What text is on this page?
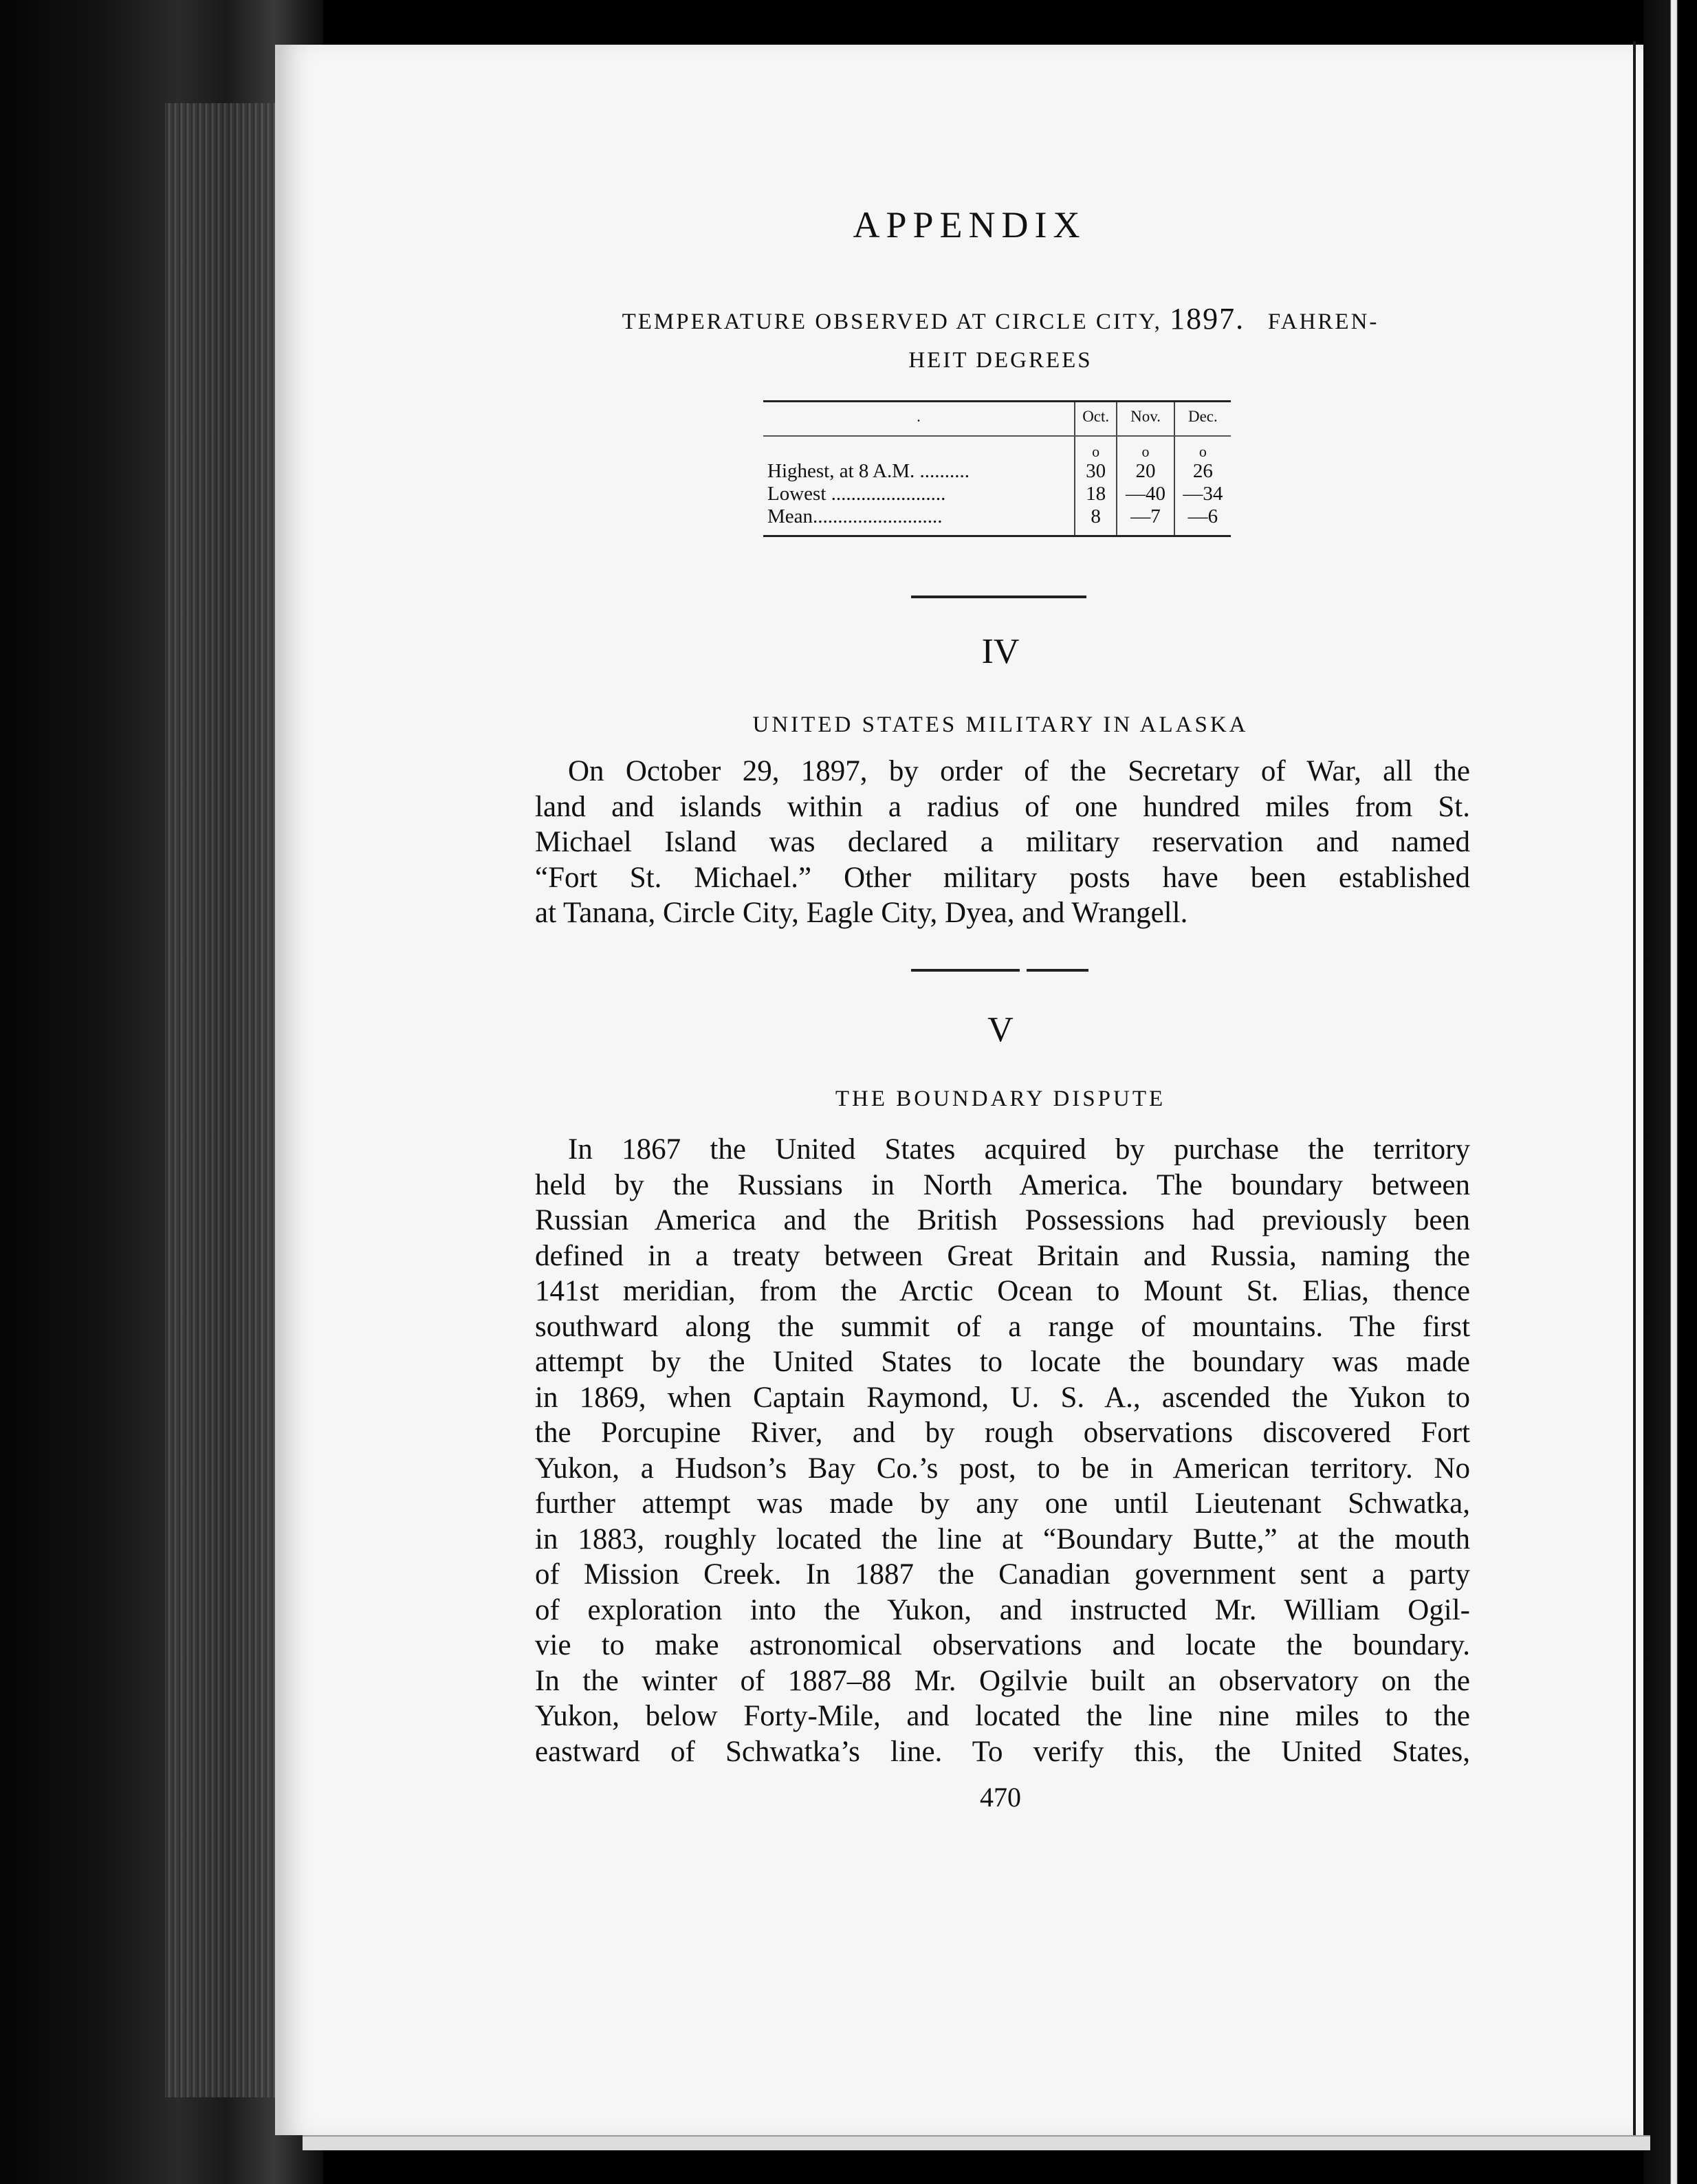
APPENDIX
TEMPERATURE OBSERVED AT CIRCLE CITY, 1897. FAHREN-
HEIT DEGREES
.	Oct.	Nov.	Dec.
	o	o	o
Highest, at 8 A.M. ..........	30	20	26
Lowest .......................	18	—40	—34
Mean..........................	8	—7	—6
IV
UNITED STATES MILITARY IN ALASKA

On October 29, 1897, by order of the Secretary of War, all the
land and islands within a radius of one hundred miles from St.
Michael Island was declared a military reservation and named
“Fort St. Michael.” Other military posts have been established
at Tanana, Circle City, Eagle City, Dyea, and Wrangell.

V
THE BOUNDARY DISPUTE

In 1867 the United States acquired by purchase the territory
held by the Russians in North America. The boundary between
Russian America and the British Possessions had previously been
defined in a treaty between Great Britain and Russia, naming the
141st meridian, from the Arctic Ocean to Mount St. Elias, thence
southward along the summit of a range of mountains. The first
attempt by the United States to locate the boundary was made
in 1869, when Captain Raymond, U. S. A., ascended the Yukon to
the Porcupine River, and by rough observations discovered Fort
Yukon, a Hudson’s Bay Co.’s post, to be in American territory. No
further attempt was made by any one until Lieutenant Schwatka,
in 1883, roughly located the line at “Boundary Butte,” at the mouth
of Mission Creek. In 1887 the Canadian government sent a party
of exploration into the Yukon, and instructed Mr. William Ogil-
vie to make astronomical observations and locate the boundary.
In the winter of 1887–88 Mr. Ogilvie built an observatory on the
Yukon, below Forty-Mile, and located the line nine miles to the
eastward of Schwatka’s line. To verify this, the United States,

470
